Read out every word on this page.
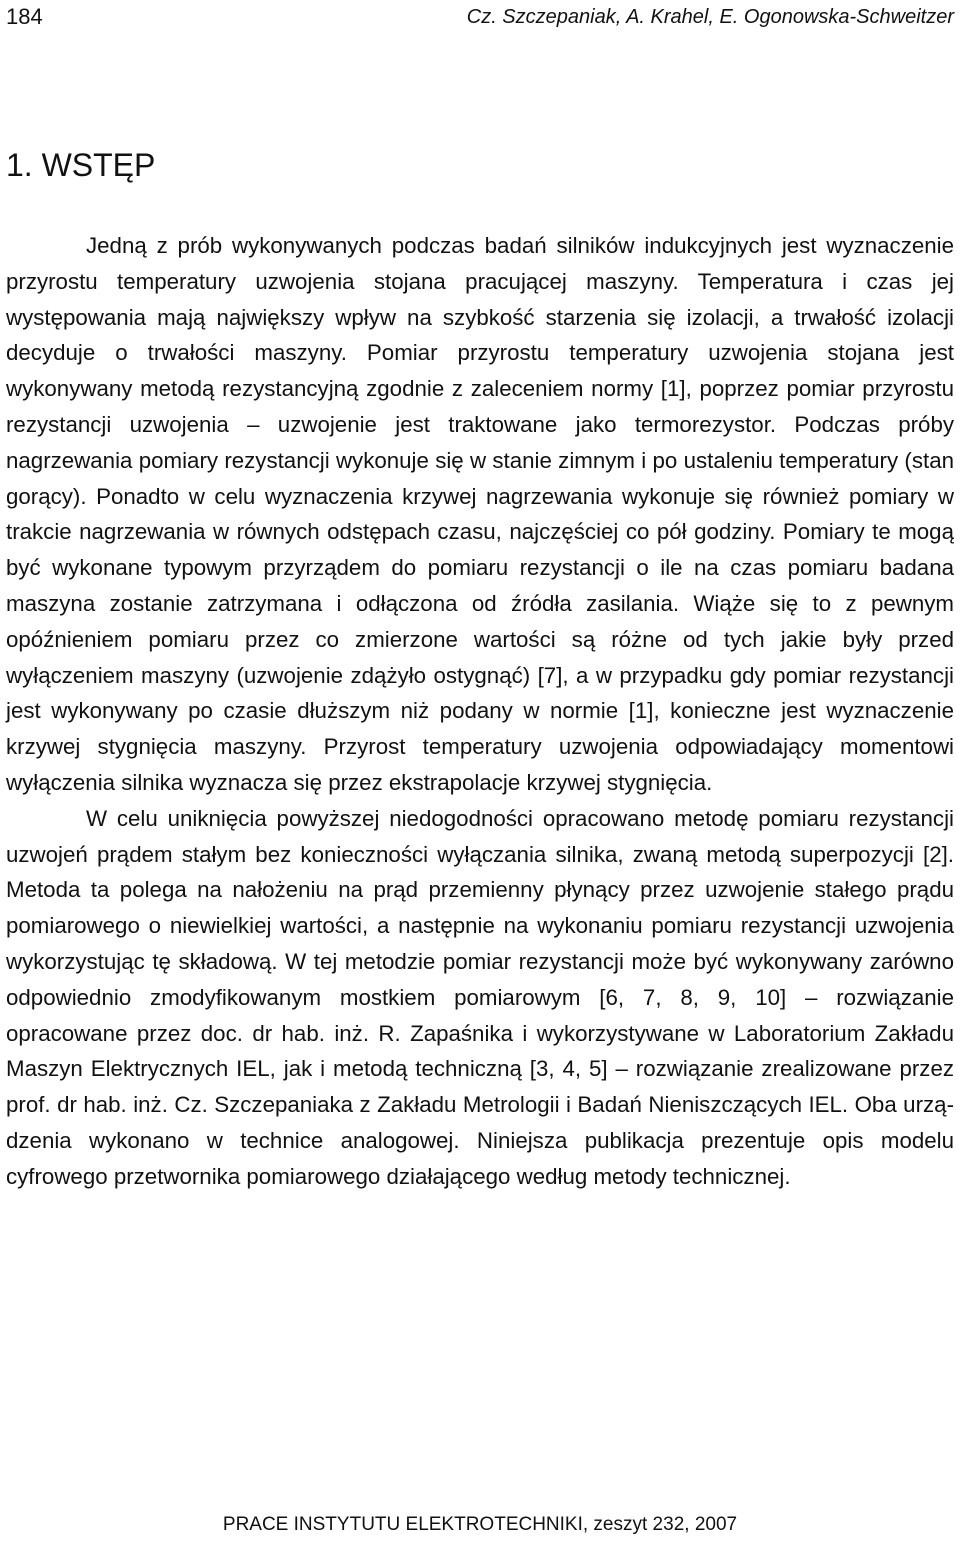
184	Cz. Szczepaniak, A. Krahel, E. Ogonowska-Schweitzer
1. WSTĘP

Jedną z prób wykonywanych podczas badań silników indukcyjnych jest wyznaczenie przyrostu temperatury uzwojenia stojana pracującej maszyny. Temperatura i czas jej występowania mają największy wpływ na szybkość starzenia się izolacji, a trwałość izolacji decyduje o trwałości maszyny. Pomiar przyrostu temperatury uzwojenia stojana jest wykonywany metodą rezystancyjną zgodnie z zaleceniem normy [1], poprzez pomiar przyrostu rezystancji uzwojenia – uzwojenie jest traktowane jako termorezystor. Podczas próby nagrzewania pomiary rezystancji wykonuje się w stanie zimnym i po ustaleniu temperatury (stan gorący). Ponadto w celu wyznaczenia krzywej nagrzewania wykonuje się również pomiary w trakcie nagrzewania w równych odstępach czasu, najczęściej co pół godziny. Pomiary te mogą być wykonane typowym przyrządem do pomiaru rezystancji o ile na czas pomiaru badana maszyna zostanie zatrzymana i odłączona od źródła zasilania. Wiąże się to z pewnym opóźnieniem pomiaru przez co zmierzone wartości są różne od tych jakie były przed wyłączeniem maszyny (uzwojenie zdążyło ostygnąć) [7], a w przypadku gdy pomiar rezystancji jest wykonywany po czasie dłuższym niż podany w normie [1], konieczne jest wyznaczenie krzywej stygnięcia maszyny. Przyrost temperatury uzwojenia odpowiadający momentowi wyłączenia silnika wyznacza się przez ekstrapolacje krzywej stygnięcia.

W celu uniknięcia powyższej niedogodności opracowano metodę pomiaru rezystancji uzwojeń prądem stałym bez konieczności wyłączania silnika, zwaną metodą superpozycji [2]. Metoda ta polega na nałożeniu na prąd przemienny płynący przez uzwojenie stałego prądu pomiarowego o niewielkiej wartości, a następnie na wykonaniu pomiaru rezystancji uzwojenia wykorzystując tę składową. W tej metodzie pomiar rezystancji może być wykonywany zarówno odpowiednio zmodyfikowanym mostkiem pomiarowym [6, 7, 8, 9, 10] – rozwiązanie opracowane przez doc. dr hab. inż. R. Zapaśnika i wykorzystywane w Laboratorium Zakładu Maszyn Elektrycznych IEL, jak i metodą techniczną [3, 4, 5] – rozwiązanie zrealizowane przez prof. dr hab. inż. Cz. Szczepaniaka z Zakładu Metrologii i Badań Nieniszczących IEL. Oba urządzenia wykonano w technice analogowej. Niniejsza publikacja prezentuje opis modelu cyfrowego przetwornika pomiarowego działającego według metody technicznej.

PRACE INSTYTUTU ELEKTROTECHNIKI, zeszyt 232, 2007
